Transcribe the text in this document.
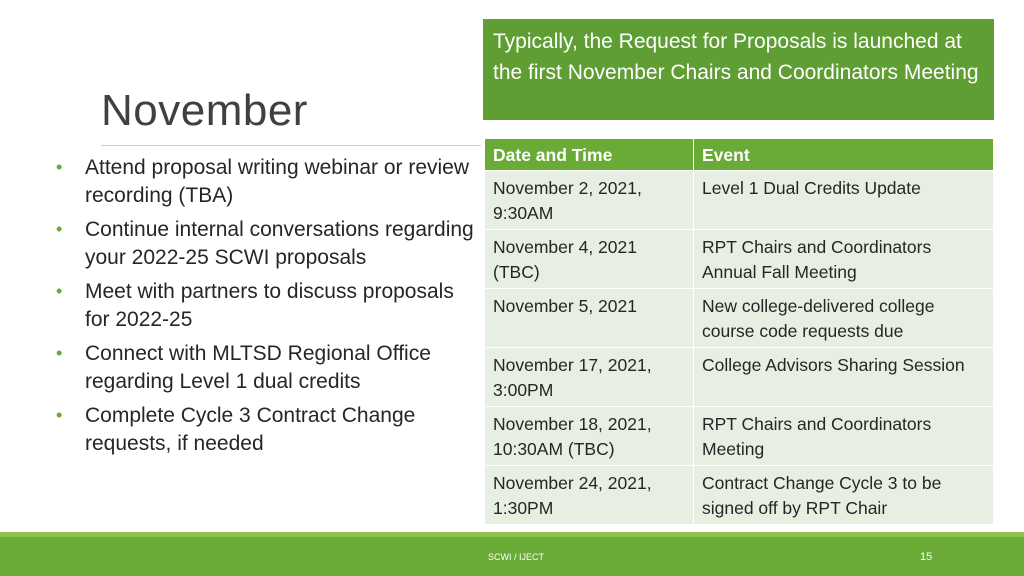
November
• Attend proposal writing webinar or review recording (TBA)
• Continue internal conversations regarding your 2022-25 SCWI proposals
• Meet with partners to discuss proposals for 2022-25
• Connect with MLTSD Regional Office regarding Level 1 dual credits
• Complete Cycle 3 Contract Change requests, if needed
Typically, the Request for Proposals is launched at the first November Chairs and Coordinators Meeting
Date and Time	Event
November 2, 2021, 9:30AM	Level 1 Dual Credits Update
November 4, 2021 (TBC)	RPT Chairs and Coordinators Annual Fall Meeting
November 5, 2021	New college-delivered college course code requests due
November 17, 2021, 3:00PM	College Advisors Sharing Session
November 18, 2021, 10:30AM (TBC)	RPT Chairs and Coordinators Meeting
November 24, 2021, 1:30PM	Contract Change Cycle 3 to be signed off by RPT Chair
SCWI / IJECT	15
